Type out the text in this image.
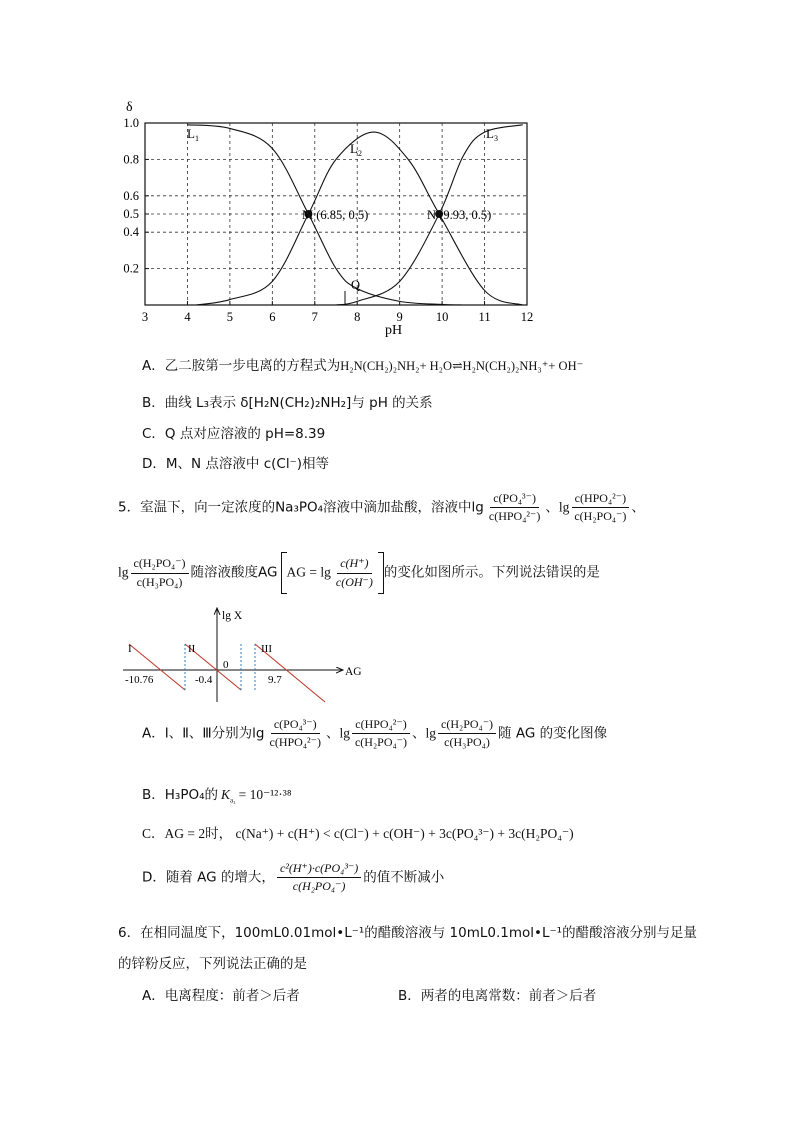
1.0
0.8
0.6
0.5
0.4
0.2
3	4	5	6	7	8	9	10 11 12
δ
pH
$L_1$
$L_2$
$L_3$
M (6.85, 0.5)	N (9.93, 0.5)
Q
A．乙二胺第一步电离的方程式为H₂N(CH₂)₂NH₂+ H₂O⇌H₂N(CH₂)₂NH₃⁺+ OH⁻
B．曲线 L₃表示 δ[H₂N(CH₂)₂NH₂]与 pH 的关系
C．Q 点对应溶液的 pH=8.39
D．M、N 点溶液中 c(Cl⁻)相等
5．室温下，向一定浓度的Na₃PO₄溶液中滴加盐酸，溶液中$\lg \frac{\text{c(PO₄³⁻)}}{\text{c(HPO₄²⁻)}}$ 、$\lg \frac{\text{c(HPO₄²⁻)}}{\text{c(H₂PO₄⁻)}}$ 、
$\lg \frac{\text{c(H₂PO₄⁻)}}{\text{c(H₃PO₄)}}$ 随溶液酸度AG AG = $\lg \frac{c(H^+)}{c(OH^-)}$ 的变化如图所示。下列说法错误的是
lg X
AG
0
I	II	III
-10.76	-0.4	9.7
A．Ⅰ、Ⅱ、Ⅲ分别为$\lg \frac{\text{c(PO₄³⁻)}}{\text{c(HPO₄²⁻)}}$ 、$\lg \frac{\text{c(HPO₄²⁻)}}{\text{c(H₂PO₄⁻)}}$ 、$\lg \frac{\text{c(H₂PO₄⁻)}}{\text{c(H₃PO₄)}}$ 随 AG 的变化图像
B．H₃PO₄的 $K_{a_3} = 10^{-12}\cdot^{38}$
C．AG = 2时， c(Na⁺) + c(H⁺) < c(Cl⁻) + c(OH⁻) + 3c(PO₄³⁻) + 3c(H₂PO₄⁻)
D．随着 AG 的增大， $\frac{\text{c²(H⁺)·c(PO₄³⁻)}}{\text{c(H₂PO₄⁻)}}$ 的值不断减小
6．在相同温度下，100mL0.01mol•L⁻¹的醋酸溶液与 10mL0.1mol•L⁻¹的醋酸溶液分别与足量
的锌粉反应，下列说法正确的是
A．电离程度：前者＞后者	B．两者的电离常数：前者＞后者
